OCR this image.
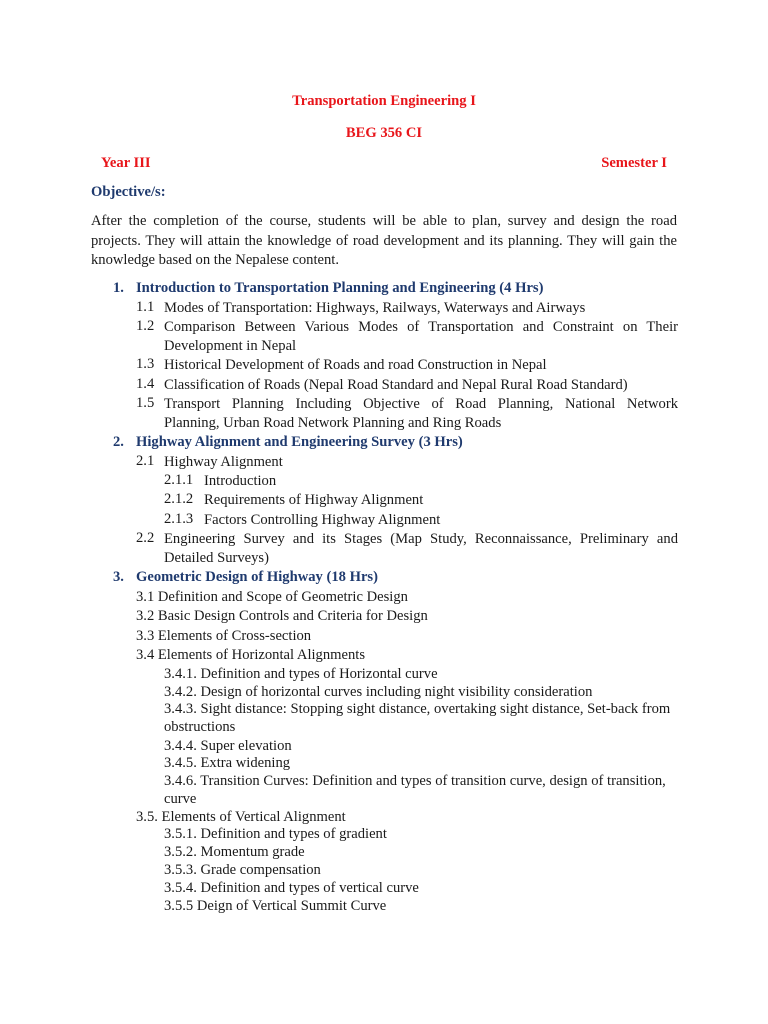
Transportation Engineering I
BEG 356 CI
Year III	Semester I
Objective/s:
After the completion of the course, students will be able to plan, survey and design the road
projects. They will attain the knowledge of road development and its planning. They will gain the
knowledge based on the Nepalese content.
1. Introduction to Transportation Planning and Engineering (4 Hrs)
1.1 Modes of Transportation: Highways, Railways, Waterways and Airways
1.2 Comparison Between Various Modes of Transportation and Constraint on Their
Development in Nepal
1.3 Historical Development of Roads and road Construction in Nepal
1.4 Classification of Roads (Nepal Road Standard and Nepal Rural Road Standard)
1.5 Transport Planning Including Objective of Road Planning, National Network
Planning, Urban Road Network Planning and Ring Roads
2. Highway Alignment and Engineering Survey (3 Hrs)
2.1 Highway Alignment
2.1.1 Introduction
2.1.2 Requirements of Highway Alignment
2.1.3 Factors Controlling Highway Alignment
2.2 Engineering Survey and its Stages (Map Study, Reconnaissance, Preliminary and
Detailed Surveys)
3. Geometric Design of Highway (18 Hrs)
3.1 Definition and Scope of Geometric Design
3.2 Basic Design Controls and Criteria for Design
3.3 Elements of Cross-section
3.4 Elements of Horizontal Alignments
3.4.1. Definition and types of Horizontal curve
3.4.2. Design of horizontal curves including night visibility consideration
3.4.3. Sight distance: Stopping sight distance, overtaking sight distance, Set-back from
obstructions
3.4.4. Super elevation
3.4.5. Extra widening
3.4.6. Transition Curves: Definition and types of transition curve, design of transition,
curve
3.5. Elements of Vertical Alignment
3.5.1. Definition and types of gradient
3.5.2. Momentum grade
3.5.3. Grade compensation
3.5.4. Definition and types of vertical curve
3.5.5 Deign of Vertical Summit Curve
